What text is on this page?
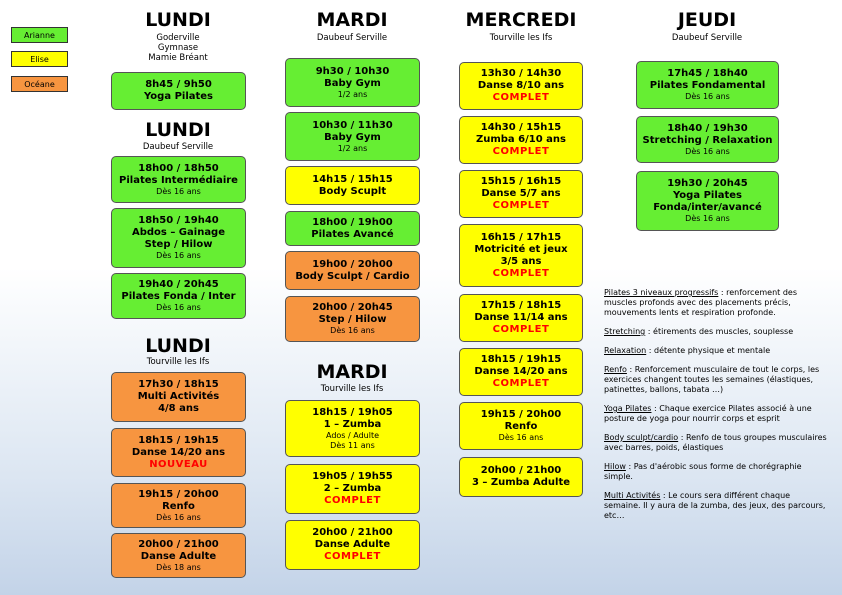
Arianne
Elise
Océane
LUNDI
Goderville
Gymnase
Mamie Bréant
8h45 / 9h50
Yoga Pilates
LUNDI
Daubeuf Serville
18h00 / 18h50
Pilates Intermédiaire
Dès 16 ans
18h50 / 19h40
Abdos – Gainage
Step / Hilow
Dès 16 ans
19h40 / 20h45
Pilates Fonda / Inter
Dès 16 ans
LUNDI
Tourville les Ifs
17h30 / 18h15
Multi Activités
4/8 ans
18h15 / 19h15
Danse 14/20 ans
NOUVEAU
19h15 / 20h00
Renfo
Dès 16 ans
20h00 / 21h00
Danse Adulte
Dès 18 ans
MARDI
Daubeuf Serville
9h30 / 10h30
Baby Gym
1/2 ans
10h30 / 11h30
Baby Gym
1/2 ans
14h15 / 15h15
Body Scuplt
18h00 / 19h00
Pilates Avancé
19h00 / 20h00
Body Sculpt / Cardio
20h00 / 20h45
Step / Hilow
Dès 16 ans
MARDI
Tourville les Ifs
18h15 / 19h05
1 – Zumba
Ados / Adulte
Dès 11 ans
19h05 / 19h55
2 – Zumba
COMPLET
20h00 / 21h00
Danse Adulte
COMPLET
MERCREDI
Tourville les Ifs
13h30 / 14h30
Danse 8/10 ans
COMPLET
14h30 / 15h15
Zumba 6/10 ans
COMPLET
15h15 / 16h15
Danse 5/7 ans
COMPLET
16h15 / 17h15
Motricité et jeux
3/5 ans
COMPLET
17h15 / 18h15
Danse 11/14 ans
COMPLET
18h15 / 19h15
Danse 14/20 ans
COMPLET
19h15 / 20h00
Renfo
Dès 16 ans
20h00 / 21h00
3 – Zumba Adulte
JEUDI
Daubeuf Serville
17h45 / 18h40
Pilates Fondamental
Dès 16 ans
18h40 / 19h30
Stretching / Relaxation
Dès 16 ans
19h30 / 20h45
Yoga Pilates
Fonda/inter/avancé
Dès 16 ans

Pilates 3 niveaux progressifs : renforcement des muscles profonds avec des placements précis, mouvements lents et respiration profonde.

Stretching : étirements des muscles, souplesse

Relaxation : détente physique et mentale

Renfo : Renforcement musculaire de tout le corps, les exercices changent toutes les semaines (élastiques, patinettes, ballons, tabata …)

Yoga Pilates : Chaque exercice Pilates associé à une posture de yoga pour nourrir corps et esprit

Body sculpt/cardio : Renfo de tous groupes musculaires avec barres, poids, élastiques

Hilow : Pas d'aérobic sous forme de chorégraphie simple.

Multi Activités : Le cours sera différent chaque semaine. Il y aura de la zumba, des jeux, des parcours, etc…
